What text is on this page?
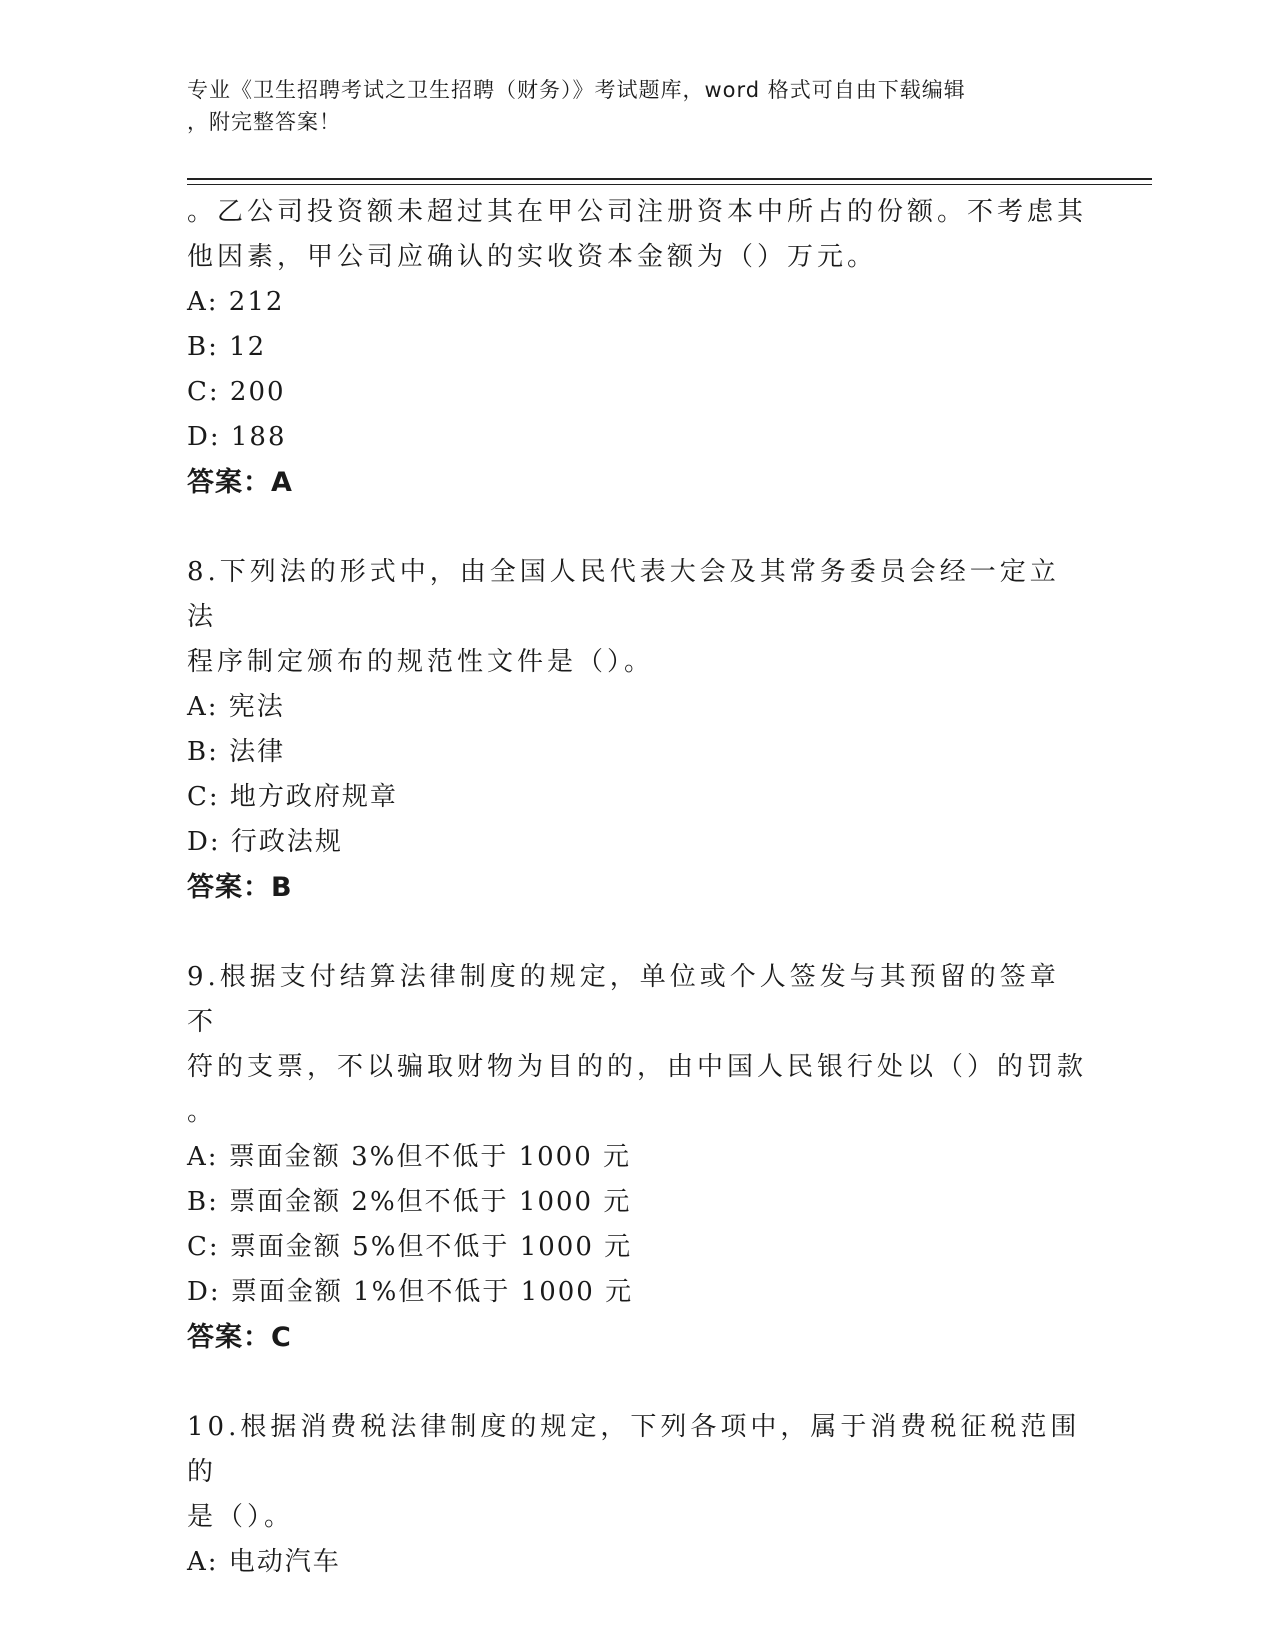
专业《卫生招聘考试之卫生招聘（财务）》考试题库，word 格式可自由下载编辑
，附完整答案！
。乙公司投资额未超过其在甲公司注册资本中所占的份额。不考虑其
他因素，甲公司应确认的实收资本金额为（）万元。
A: 212
B: 12
C: 200
D: 188
答案：A
8.下列法的形式中，由全国人民代表大会及其常务委员会经一定立法
程序制定颁布的规范性文件是（）。
A: 宪法
B: 法律
C: 地方政府规章
D: 行政法规
答案：B
9.根据支付结算法律制度的规定，单位或个人签发与其预留的签章不
符的支票，不以骗取财物为目的的，由中国人民银行处以（）的罚款
。
A: 票面金额 3%但不低于 1000 元
B: 票面金额 2%但不低于 1000 元
C: 票面金额 5%但不低于 1000 元
D: 票面金额 1%但不低于 1000 元
答案：C
10.根据消费税法律制度的规定，下列各项中，属于消费税征税范围的
是（）。
A: 电动汽车
